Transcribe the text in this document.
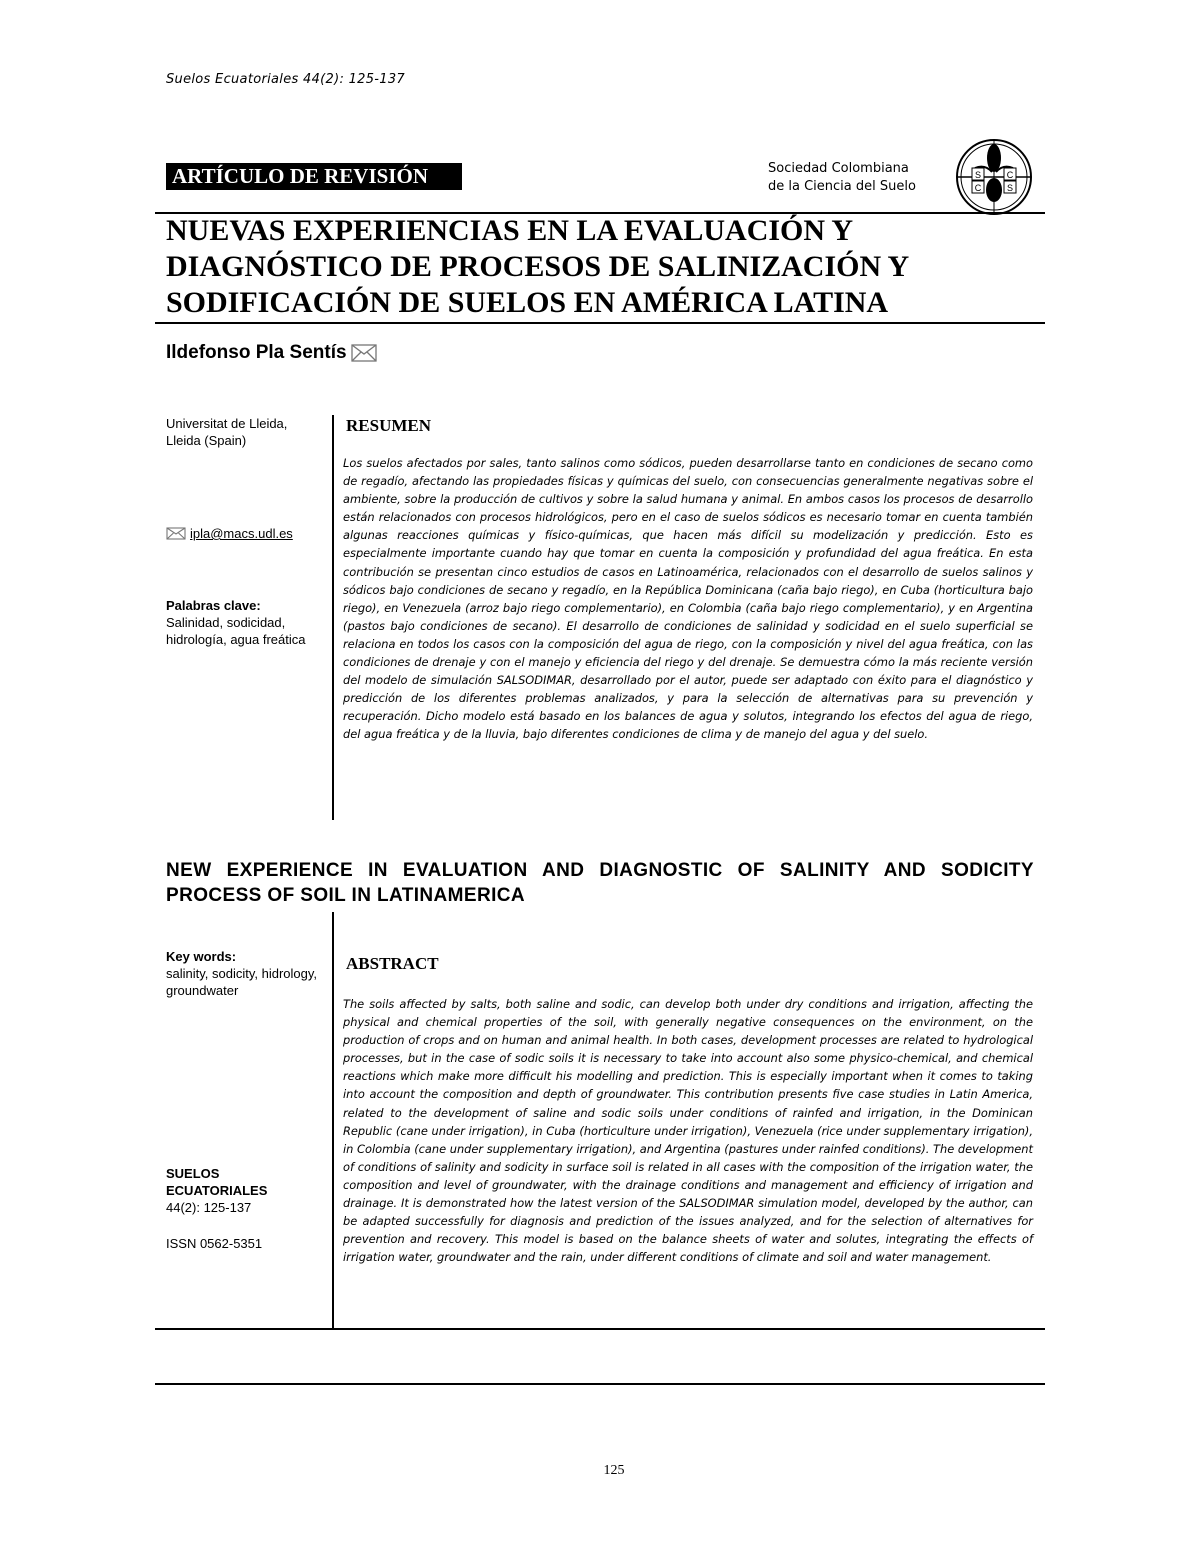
Suelos Ecuatoriales 44(2): 125-137
ARTÍCULO DE REVISIÓN	Sociedad Colombiana
de la Ciencia del Suelo
S	C
C	S
NUEVAS EXPERIENCIAS EN LA EVALUACIÓN Y DIAGNÓSTICO DE PROCESOS DE SALINIZACIÓN Y SODIFICACIÓN DE SUELOS EN AMÉRICA LATINA
Ildefonso Pla Sentís
Universitat de Lleida,
Lleida (Spain)
ipla@macs.udl.es
Palabras clave:
Salinidad, sodicidad, hidrología, agua freática
RESUMEN
Los suelos afectados por sales, tanto salinos como sódicos, pueden desarrollarse tanto en condiciones de secano como de regadío, afectando las propiedades físicas y químicas del suelo, con consecuencias generalmente negativas sobre el ambiente, sobre la producción de cultivos y sobre la salud humana y animal. En ambos casos los procesos de desarrollo están relacionados con procesos hidrológicos, pero en el caso de suelos sódicos es necesario tomar en cuenta también algunas reacciones químicas y físico-químicas, que hacen más difícil su modelización y predicción. Esto es especialmente importante cuando hay que tomar en cuenta la composición y profundidad del agua freática. En esta contribución se presentan cinco estudios de casos en Latinoamérica, relacionados con el desarrollo de suelos salinos y sódicos bajo condiciones de secano y regadío, en la República Dominicana (caña bajo riego), en Cuba (horticultura bajo riego), en Venezuela (arroz bajo riego complementario), en Colombia (caña bajo riego complementario), y en Argentina (pastos bajo condiciones de secano). El desarrollo de condiciones de salinidad y sodicidad en el suelo superficial se relaciona en todos los casos con la composición del agua de riego, con la composición y nivel del agua freática, con las condiciones de drenaje y con el manejo y eficiencia del riego y del drenaje. Se demuestra cómo la más reciente versión del modelo de simulación SALSODIMAR, desarrollado por el autor, puede ser adaptado con éxito para el diagnóstico y predicción de los diferentes problemas analizados, y para la selección de alternativas para su prevención y recuperación. Dicho modelo está basado en los balances de agua y solutos, integrando los efectos del agua de riego, del agua freática y de la lluvia, bajo diferentes condiciones de clima y de manejo del agua y del suelo.
NEW EXPERIENCE IN EVALUATION AND DIAGNOSTIC OF SALINITY AND SODICITY PROCESS OF SOIL IN LATINAMERICA
Key words:
salinity, sodicity, hidrology, groundwater
SUELOS
ECUATORIALES
44(2): 125-137
ISSN 0562-5351
ABSTRACT
The soils affected by salts, both saline and sodic, can develop both under dry conditions and irrigation, affecting the physical and chemical properties of the soil, with generally negative consequences on the environment, on the production of crops and on human and animal health. In both cases, development processes are related to hydrological processes, but in the case of sodic soils it is necessary to take into account also some physico-chemical, and chemical reactions which make more difficult his modelling and prediction. This is especially important when it comes to taking into account the composition and depth of groundwater. This contribution presents five case studies in Latin America, related to the development of saline and sodic soils under conditions of rainfed and irrigation, in the Dominican Republic (cane under irrigation), in Cuba (horticulture under irrigation), Venezuela (rice under supplementary irrigation), in Colombia (cane under supplementary irrigation), and Argentina (pastures under rainfed conditions). The development of conditions of salinity and sodicity in surface soil is related in all cases with the composition of the irrigation water, the composition and level of groundwater, with the drainage conditions and management and efficiency of irrigation and drainage. It is demonstrated how the latest version of the SALSODIMAR simulation model, developed by the author, can be adapted successfully for diagnosis and prediction of the issues analyzed, and for the selection of alternatives for prevention and recovery. This model is based on the balance sheets of water and solutes, integrating the effects of irrigation water, groundwater and the rain, under different conditions of climate and soil and water management.
125
